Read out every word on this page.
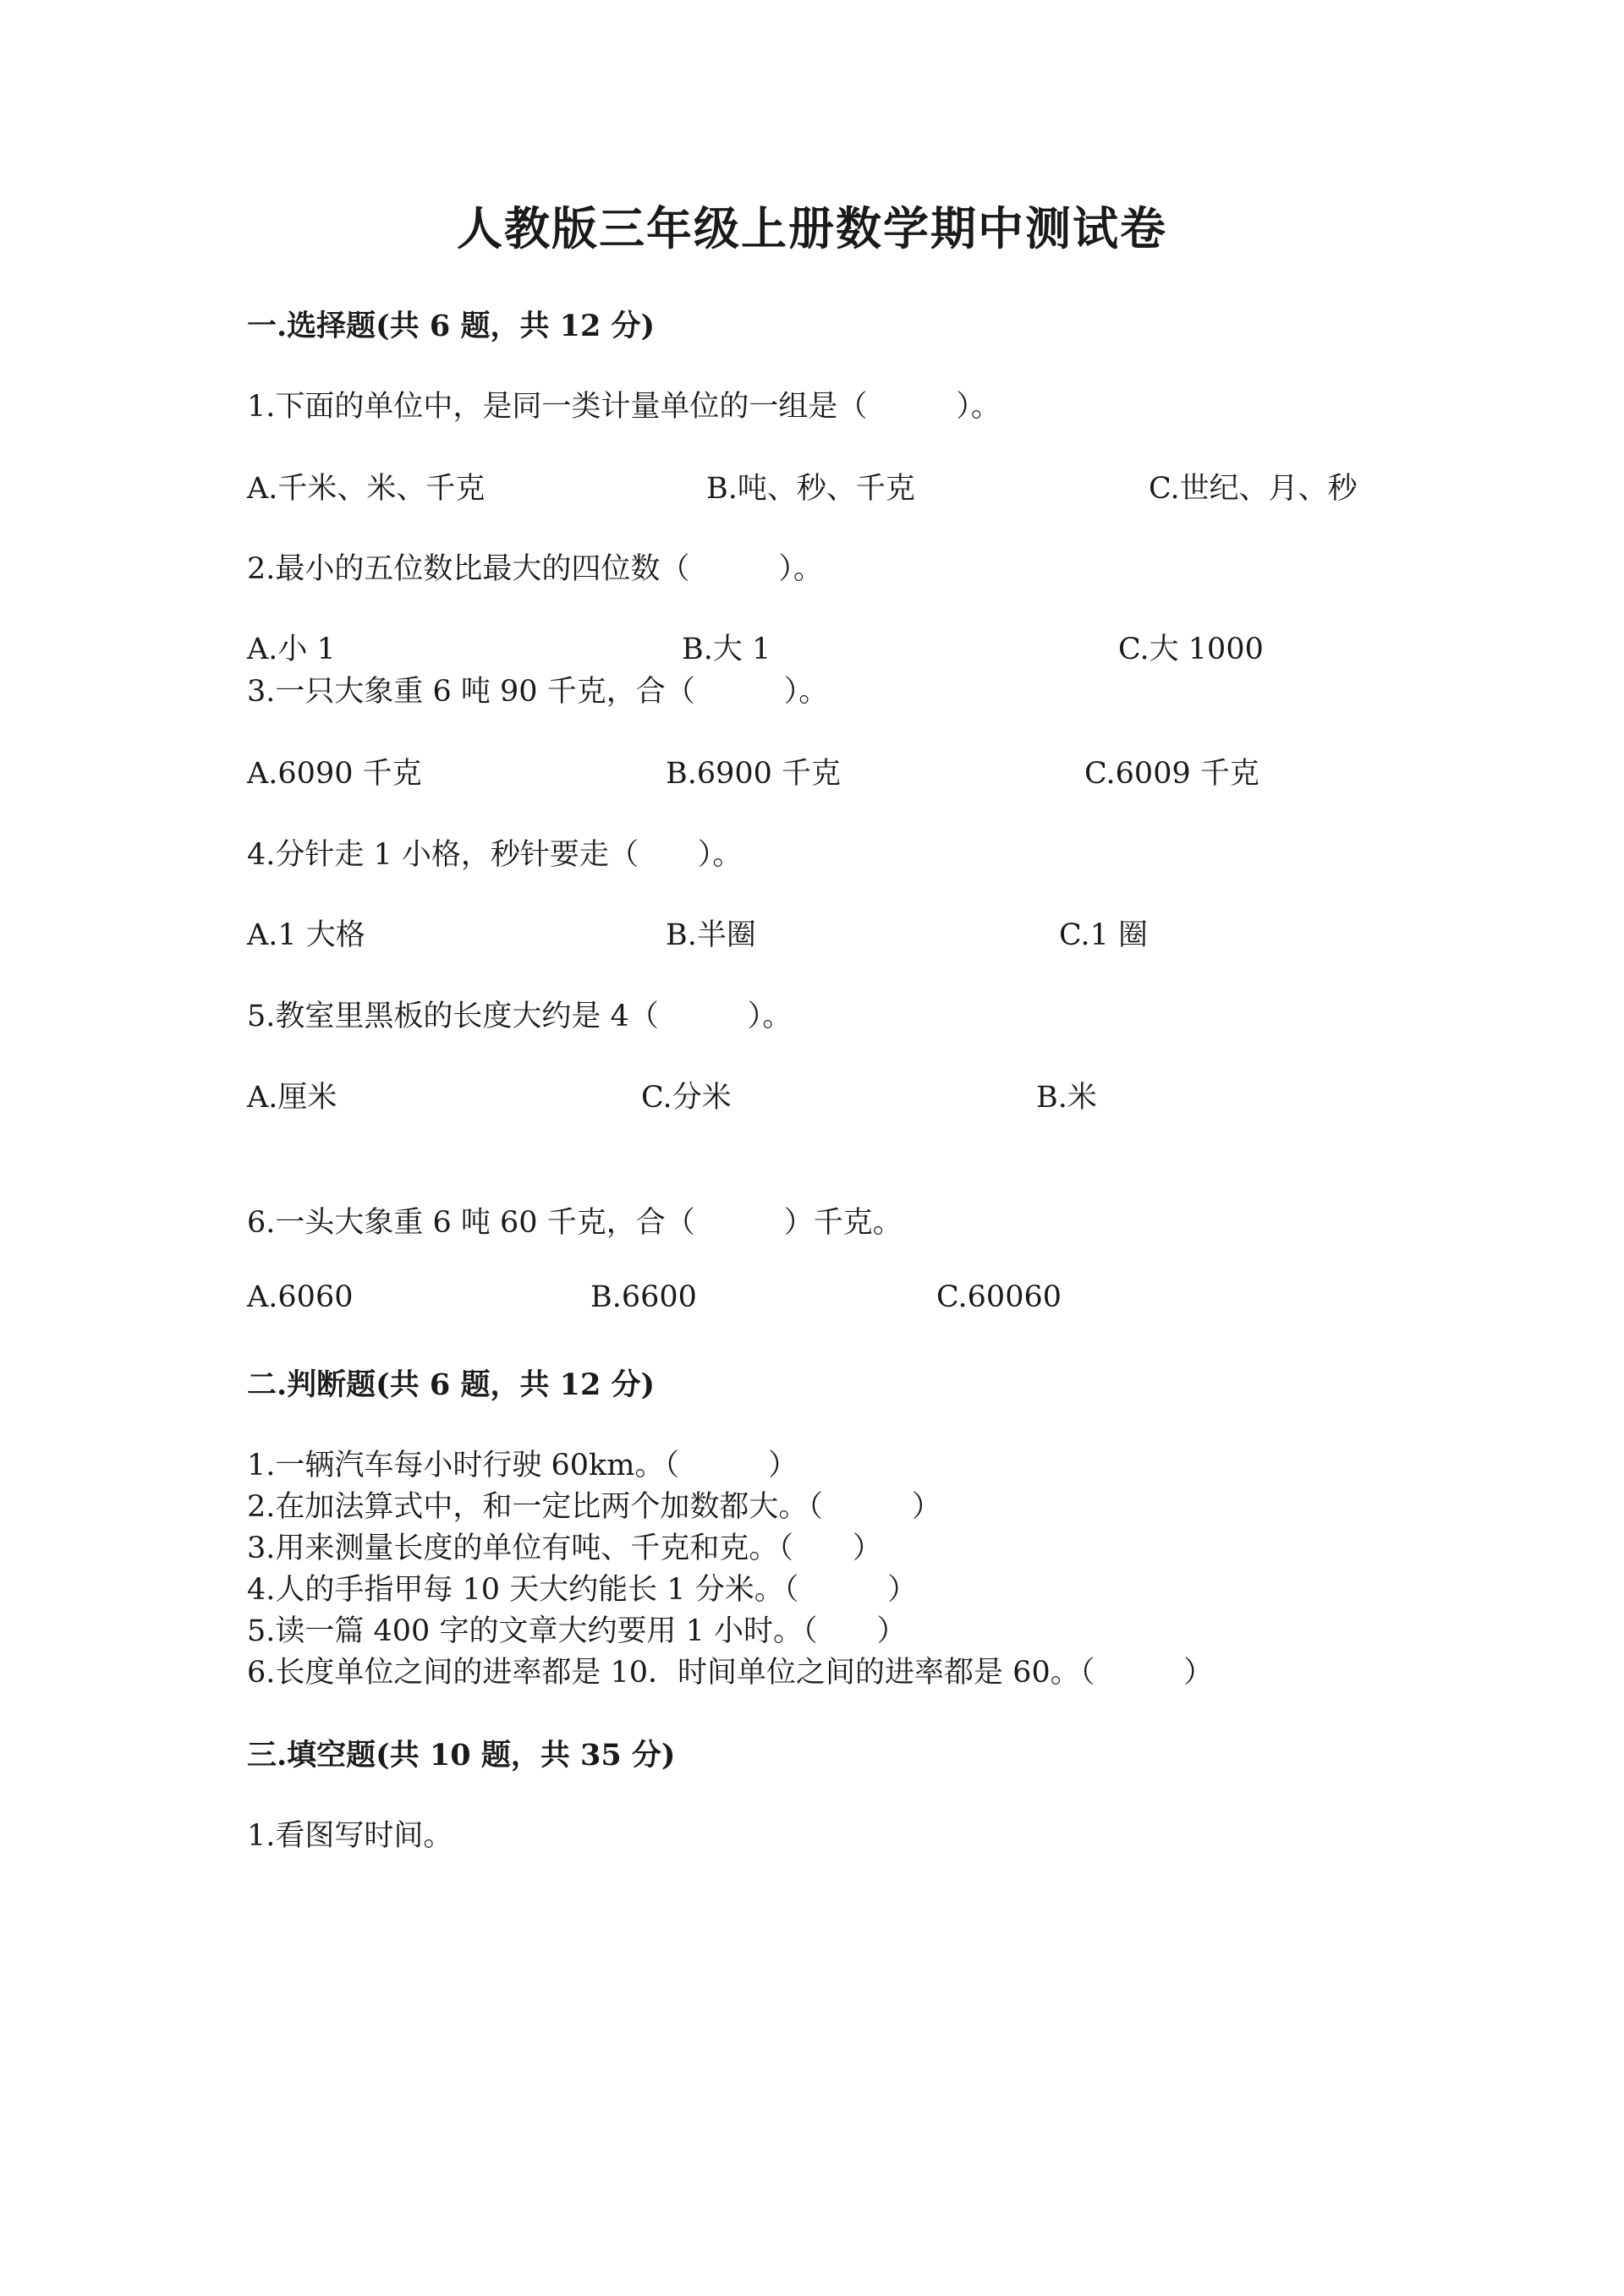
人教版三年级上册数学期中测试卷
一.选择题(共 6 题，共 12 分)
1.下面的单位中，是同一类计量单位的一组是（　　　）。
A.千米、米、千克	B.吨、秒、千克	C.世纪、月、秒
2.最小的五位数比最大的四位数（　　　）。
A.小 1	B.大 1	C.大 1000
3.一只大象重 6 吨 90 千克，合（　　　）。
A.6090 千克	B.6900 千克	C.6009 千克
4.分针走 1 小格，秒针要走（　　）。
A.1 大格	B.半圈	C.1 圈
5.教室里黑板的长度大约是 4（　　　）。
A.厘米	C.分米	B.米
6.一头大象重 6 吨 60 千克，合（　　　）千克。
A.6060	B.6600	C.60060
二.判断题(共 6 题，共 12 分)
1.一辆汽车每小时行驶 60km。（　　　）
2.在加法算式中，和一定比两个加数都大。（　　　）
3.用来测量长度的单位有吨、千克和克。（　　）
4.人的手指甲每 10 天大约能长 1 分米。（　　　）
5.读一篇 400 字的文章大约要用 1 小时。（　　）
6.长度单位之间的进率都是 10．时间单位之间的进率都是 60。（　　　）
三.填空题(共 10 题，共 35 分)
1.看图写时间。
